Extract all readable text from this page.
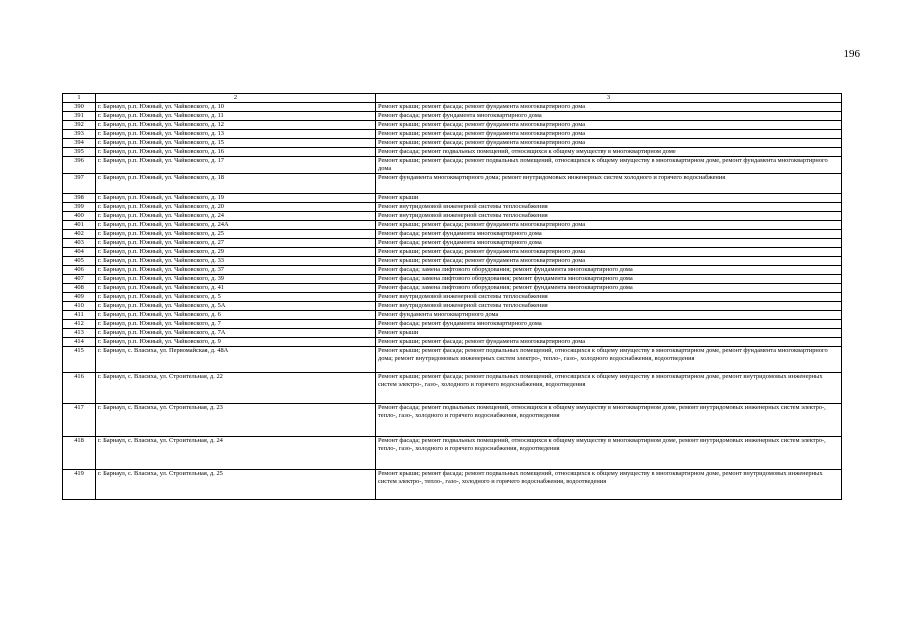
196
1	2	3
390	г. Барнаул, р.п. Южный, ул. Чайковского, д. 10	Ремонт крыши; ремонт фасада; ремонт фундамента многоквартирного дома
391	г. Барнаул, р.п. Южный, ул. Чайковского, д. 11	Ремонт фасада; ремонт фундамента многоквартирного дома
392	г. Барнаул, р.п. Южный, ул. Чайковского, д. 12	Ремонт крыши; ремонт фасада; ремонт фундамента многоквартирного дома
393	г. Барнаул, р.п. Южный, ул. Чайковского, д. 13	Ремонт крыши; ремонт фасада; ремонт фундамента многоквартирного дома
394	г. Барнаул, р.п. Южный, ул. Чайковского, д. 15	Ремонт крыши; ремонт фасада; ремонт фундамента многоквартирного дома
395	г. Барнаул, р.п. Южный, ул. Чайковского, д. 16	Ремонт фасада; ремонт подвальных помещений, относящихся к общему имуществу в многоквартирном доме
396	г. Барнаул, р.п. Южный, ул. Чайковского, д. 17	Ремонт крыши; ремонт фасада; ремонт подвальных помещений, относящихся к общему имуществу в многоквартирном доме, ремонт фундамента многоквартирного дома
397	г. Барнаул, р.п. Южный, ул. Чайковского, д. 18	Ремонт фундамента многоквартирного дома; ремонт внутридомовых инженерных систем холодного и горячего водоснабжения
398	г. Барнаул, р.п. Южный, ул. Чайковского, д. 19	Ремонт крыши
399	г. Барнаул, р.п. Южный, ул. Чайковского, д. 20	Ремонт внутридомовой инженерной системы теплоснабжения
400	г. Барнаул, р.п. Южный, ул. Чайковского, д. 24	Ремонт внутридомовой инженерной системы теплоснабжения
401	г. Барнаул, р.п. Южный, ул. Чайковского, д. 24А	Ремонт крыши; ремонт фасада; ремонт фундамента многоквартирного дома
402	г. Барнаул, р.п. Южный, ул. Чайковского, д. 25	Ремонт фасада; ремонт фундамента многоквартирного дома
403	г. Барнаул, р.п. Южный, ул. Чайковского, д. 27	Ремонт фасада; ремонт фундамента многоквартирного дома
404	г. Барнаул, р.п. Южный, ул. Чайковского, д. 29	Ремонт крыши; ремонт фасада; ремонт фундамента многоквартирного дома
405	г. Барнаул, р.п. Южный, ул. Чайковского, д. 33	Ремонт крыши; ремонт фасада; ремонт фундамента многоквартирного дома
406	г. Барнаул, р.п. Южный, ул. Чайковского, д. 37	Ремонт фасада; замена лифтового оборудования; ремонт фундамента многоквартирного дома
407	г. Барнаул, р.п. Южный, ул. Чайковского, д. 39	Ремонт фасада; замена лифтового оборудования; ремонт фундамента многоквартирного дома
408	г. Барнаул, р.п. Южный, ул. Чайковского, д. 41	Ремонт фасада; замена лифтового оборудования; ремонт фундамента многоквартирного дома
409	г. Барнаул, р.п. Южный, ул. Чайковского, д. 5	Ремонт внутридомовой инженерной системы теплоснабжения
410	г. Барнаул, р.п. Южный, ул. Чайковского, д. 5А	Ремонт внутридомовой инженерной системы теплоснабжения
411	г. Барнаул, р.п. Южный, ул. Чайковского, д. 6	Ремонт фундамента многоквартирного дома
412	г. Барнаул, р.п. Южный, ул. Чайковского, д. 7	Ремонт фасада; ремонт фундамента многоквартирного дома
413	г. Барнаул, р.п. Южный, ул. Чайковского, д. 7А	Ремонт крыши
414	г. Барнаул, р.п. Южный, ул. Чайковского, д. 9	Ремонт крыши; ремонт фасада; ремонт фундамента многоквартирного дома
415	г. Барнаул, с. Власиха, ул. Первомайская, д. 48А	Ремонт крыши; ремонт фасада; ремонт подвальных помещений, относящихся к общему имуществу в многоквартирном доме, ремонт фундамента многоквартирного дома; ремонт внутридомовых инженерных систем электро-, тепло-, газо-, холодного водоснабжения, водоотведения
416	г. Барнаул, с. Власиха, ул. Строительная, д. 22	Ремонт крыши; ремонт фасада; ремонт подвальных помещений, относящихся к общему имуществу в многоквартирном доме, ремонт внутридомовых инженерных систем электро-, газо-, холодного и горячего водоснабжения, водоотведения
417	г. Барнаул, с. Власиха, ул. Строительная, д. 23	Ремонт фасада; ремонт подвальных помещений, относящихся к общему имуществу в многоквартирном доме, ремонт внутридомовых инженерных систем электро-, тепло-, газо-, холодного и горячего водоснабжения, водоотведения
418	г. Барнаул, с. Власиха, ул. Строительная, д. 24	Ремонт фасада; ремонт подвальных помещений, относящихся к общему имуществу в многоквартирном доме, ремонт внутридомовых инженерных систем электро-, тепло-, газо-, холодного и горячего водоснабжения, водоотведения
419	г. Барнаул, с. Власиха, ул. Строительная, д. 25	Ремонт крыши; ремонт фасада; ремонт подвальных помещений, относящихся к общему имуществу в многоквартирном доме, ремонт внутридомовых инженерных систем электро-, тепло-, газо-, холодного и горячего водоснабжения, водоотведения
